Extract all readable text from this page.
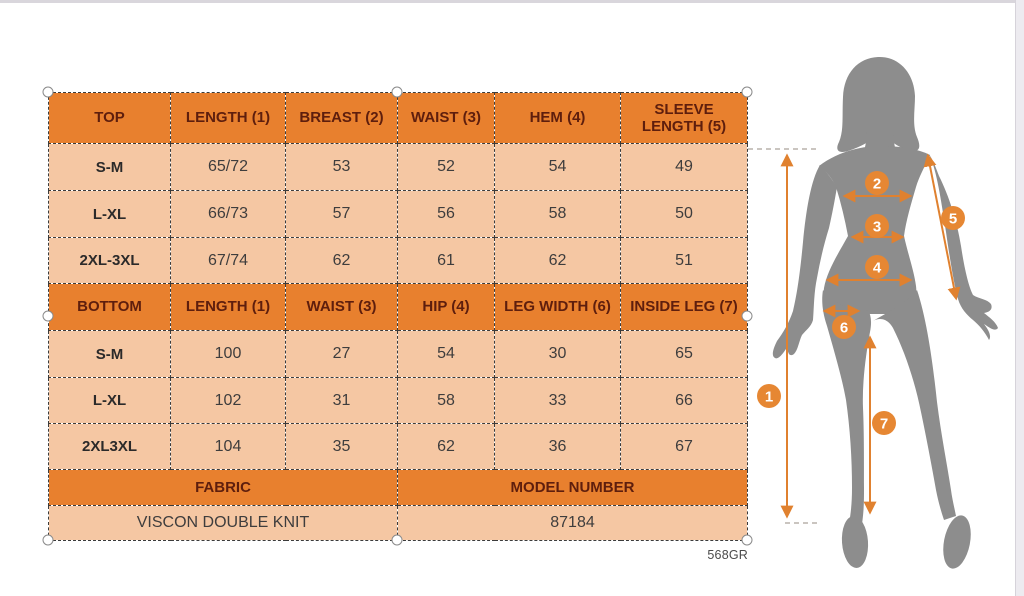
TOP	LENGTH (1)	BREAST (2)	WAIST (3)	HEM (4)	SLEEVE LENGTH (5)
S-M	65/72	53	52	54	49
L-XL	66/73	57	56	58	50
2XL-3XL	67/74	62	61	62	51
BOTTOM	LENGTH (1)	WAIST (3)	HIP (4)	LEG WIDTH (6)	INSIDE LEG (7)
S-M	100	27	54	30	65
L-XL	102	31	58	33	66
2XL3XL	104	35	62	36	67
FABRIC			MODEL NUMBER		
VISCON DOUBLE KNIT			87184		
568GR
1
2
3
4
5
6
7
